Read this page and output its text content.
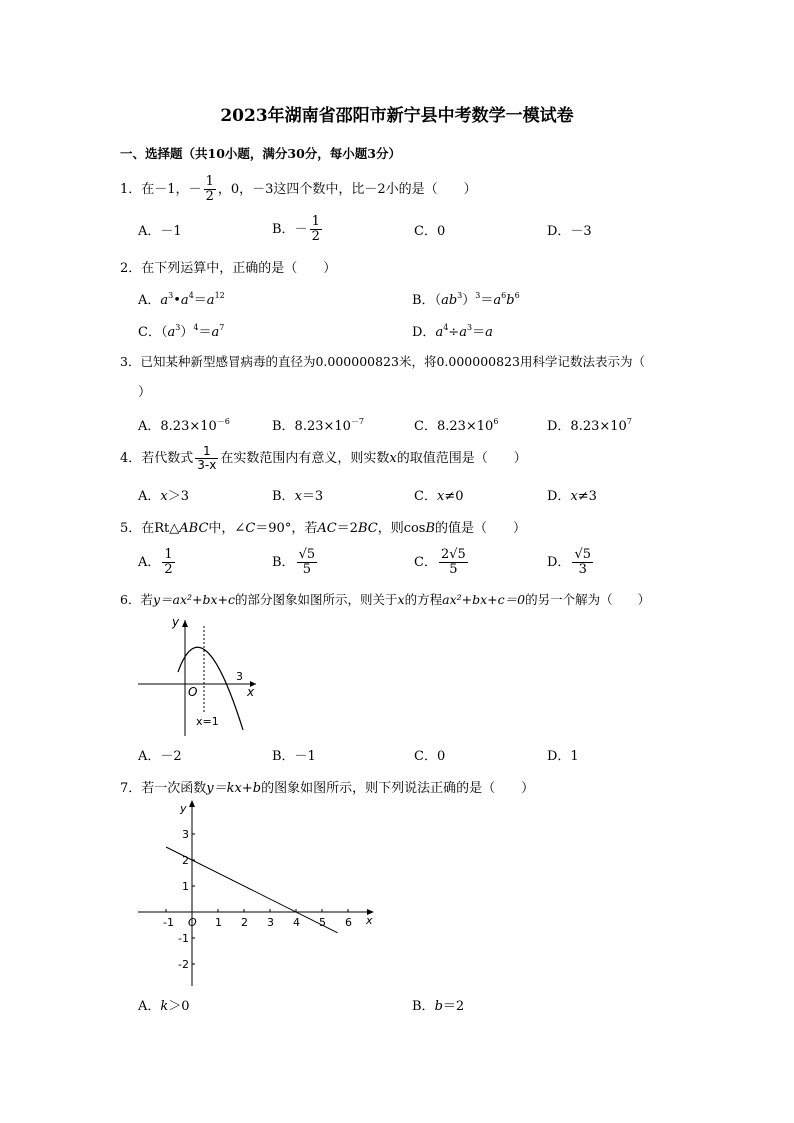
2023年湖南省邵阳市新宁县中考数学一模试卷
一、选择题（共10小题，满分30分，每小题3分）
1．在－1，－ $\frac{1}{2}$ ，0，－3这四个数中，比－2小的是（　　）
A．－1	B．－ $\frac{1}{2}$	C．0	D．－3
2．在下列运算中，正确的是（　　）
A．$a^3•a^4=a^{12}$	B．$(ab^3)^3=a^6b^6$
C．$(a^3)^4=a^7$	D．$a^4\div a^3=a$
3．已知某种新型感冒病毒的直径为0.000000823米，将0.000000823用科学记数法表示为（
）
A．$8.23\times 10^{-6}$	B．$8.23\times 10^{-7}$	C．$8.23\times 10^6$	D．$8.23\times 10^7$
4．若代数式 $\frac{1}{3-x}$ 在实数范围内有意义，则实数x的取值范围是（　　）
A．x＞3	B．x＝3	C．x≠0	D．x≠3
5．在Rt△ABC中，∠C＝90°，若AC＝2BC，则cosB的值是（　　）
A． $\frac{1}{2}$	B． $\frac{√5}{5}$	C． $\frac{2√5}{5}$	D． $\frac{√5}{3}$
6．若y＝ax²+bx+c的部分图象如图所示，则关于x的方程ax²+bx+c＝0的另一个解为（　　）
y
x
O
3
x=1
A．－2	B．－1	C．0	D．1
7．若一次函数y＝kx+b的图象如图所示，则下列说法正确的是（　　）
-1	1 2 3 4 5 6
-2
-1
1
2
3
y
x
O
A．k＞0	B．b＝2
